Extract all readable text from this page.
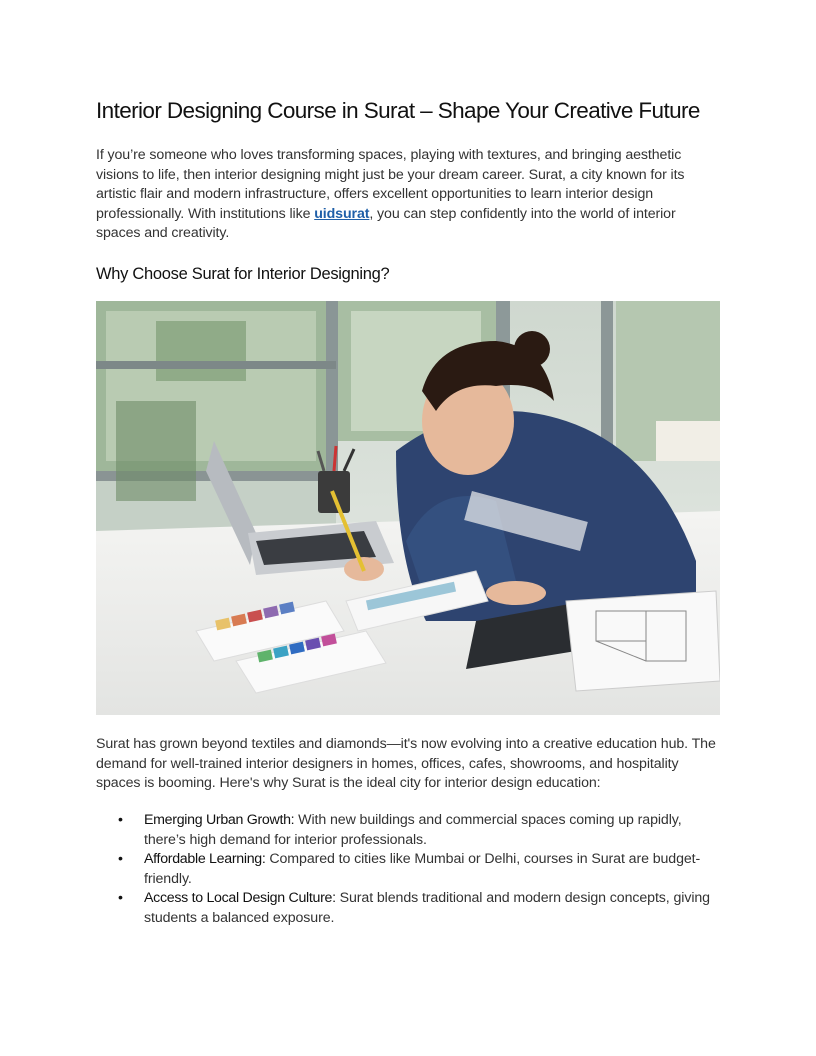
Interior Designing Course in Surat – Shape Your Creative Future

If you’re someone who loves transforming spaces, playing with textures, and bringing aesthetic visions to life, then interior designing might just be your dream career. Surat, a city known for its artistic flair and modern infrastructure, offers excellent opportunities to learn interior design professionally. With institutions like uidsurat, you can step confidently into the world of interior spaces and creativity.

Why Choose Surat for Interior Designing?

Surat has grown beyond textiles and diamonds—it's now evolving into a creative education hub. The demand for well-trained interior designers in homes, offices, cafes, showrooms, and hospitality spaces is booming. Here's why Surat is the ideal city for interior design education:

• Emerging Urban Growth: With new buildings and commercial spaces coming up rapidly, there’s high demand for interior professionals.
• Affordable Learning: Compared to cities like Mumbai or Delhi, courses in Surat are budget-friendly.
• Access to Local Design Culture: Surat blends traditional and modern design concepts, giving students a balanced exposure.
